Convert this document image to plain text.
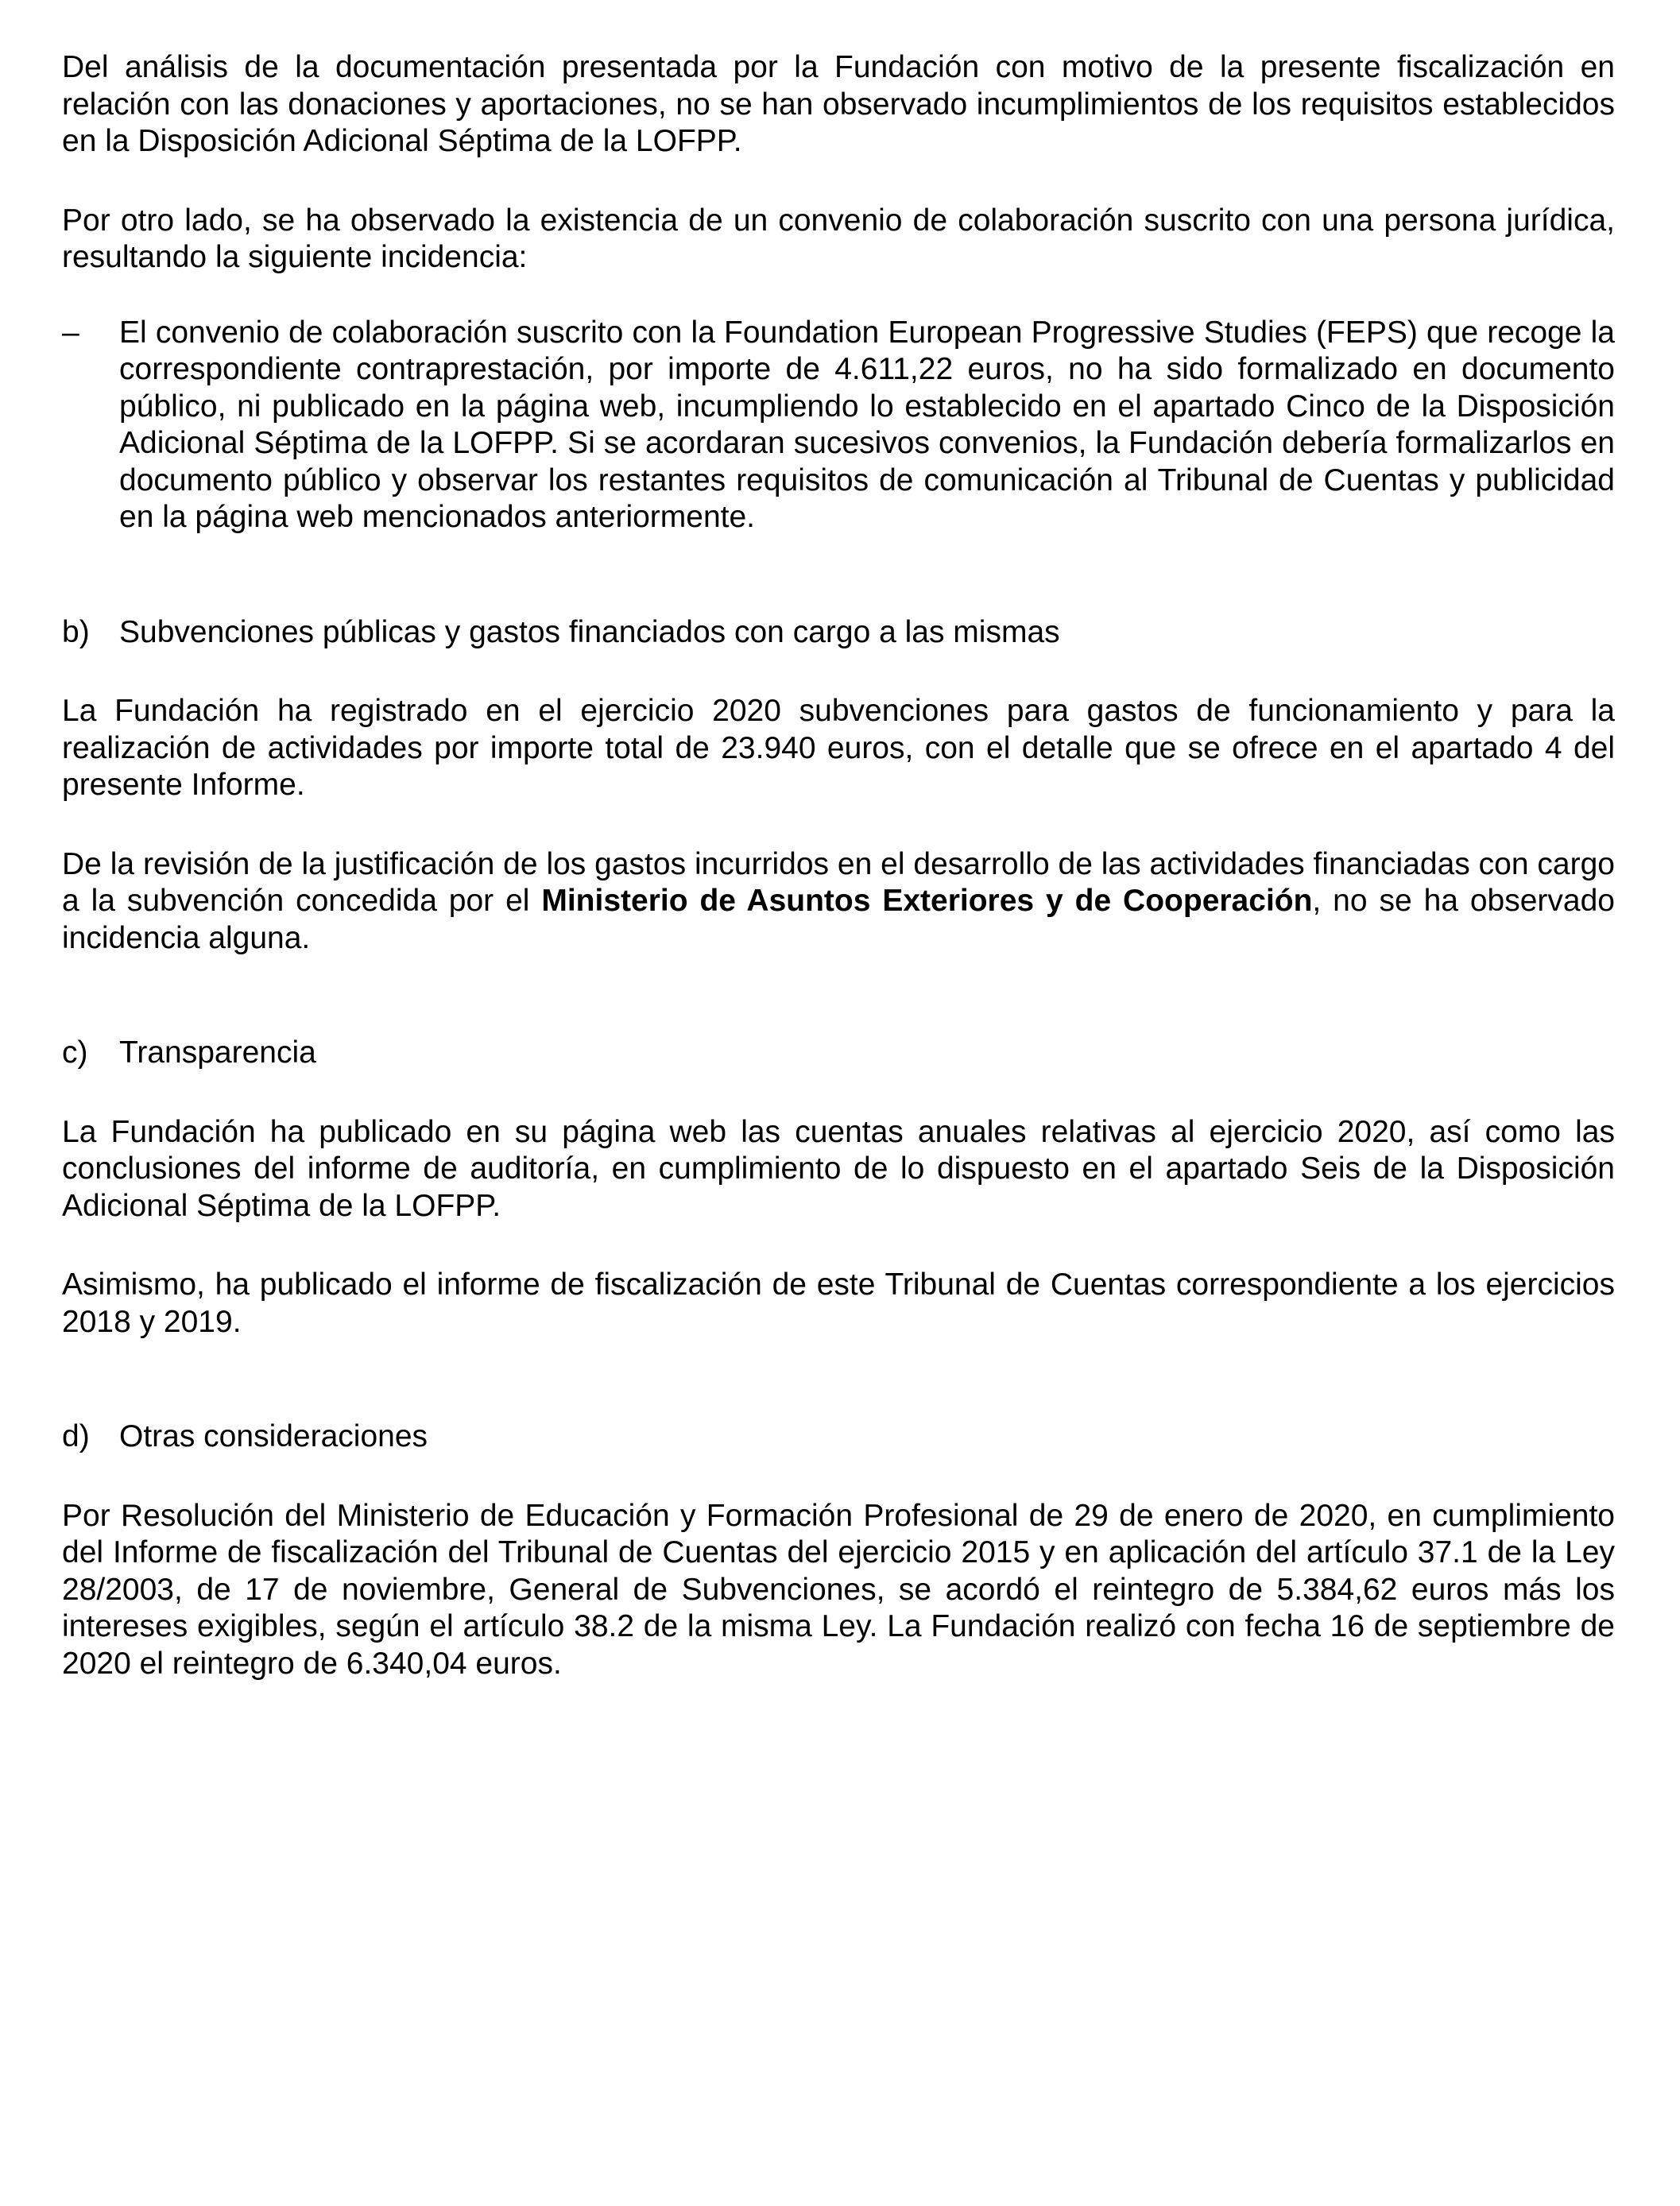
Del análisis de la documentación presentada por la Fundación con motivo de la presente fiscalización en relación con las donaciones y aportaciones, no se han observado incumplimientos de los requisitos establecidos en la Disposición Adicional Séptima de la LOFPP.

Por otro lado, se ha observado la existencia de un convenio de colaboración suscrito con una persona jurídica, resultando la siguiente incidencia:

–	El convenio de colaboración suscrito con la Foundation European Progressive Studies (FEPS) que recoge la correspondiente contraprestación, por importe de 4.611,22 euros, no ha sido formalizado en documento público, ni publicado en la página web, incumpliendo lo establecido en el apartado Cinco de la Disposición Adicional Séptima de la LOFPP. Si se acordaran sucesivos convenios, la Fundación debería formalizarlos en documento público y observar los restantes requisitos de comunicación al Tribunal de Cuentas y publicidad en la página web mencionados anteriormente.
b) Subvenciones públicas y gastos financiados con cargo a las mismas

La Fundación ha registrado en el ejercicio 2020 subvenciones para gastos de funcionamiento y para la realización de actividades por importe total de 23.940 euros, con el detalle que se ofrece en el apartado 4 del presente Informe.

De la revisión de la justificación de los gastos incurridos en el desarrollo de las actividades financiadas con cargo a la subvención concedida por el Ministerio de Asuntos Exteriores y de Cooperación, no se ha observado incidencia alguna.

c)	Transparencia

La Fundación ha publicado en su página web las cuentas anuales relativas al ejercicio 2020, así como las conclusiones del informe de auditoría, en cumplimiento de lo dispuesto en el apartado Seis de la Disposición Adicional Séptima de la LOFPP.

Asimismo, ha publicado el informe de fiscalización de este Tribunal de Cuentas correspondiente a los ejercicios 2018 y 2019.

d) Otras consideraciones

Por Resolución del Ministerio de Educación y Formación Profesional de 29 de enero de 2020, en cumplimiento del Informe de fiscalización del Tribunal de Cuentas del ejercicio 2015 y en aplicación del artículo 37.1 de la Ley 28/2003, de 17 de noviembre, General de Subvenciones, se acordó el reintegro de 5.384,62 euros más los intereses exigibles, según el artículo 38.2 de la misma Ley. La Fundación realizó con fecha 16 de septiembre de 2020 el reintegro de 6.340,04 euros.
